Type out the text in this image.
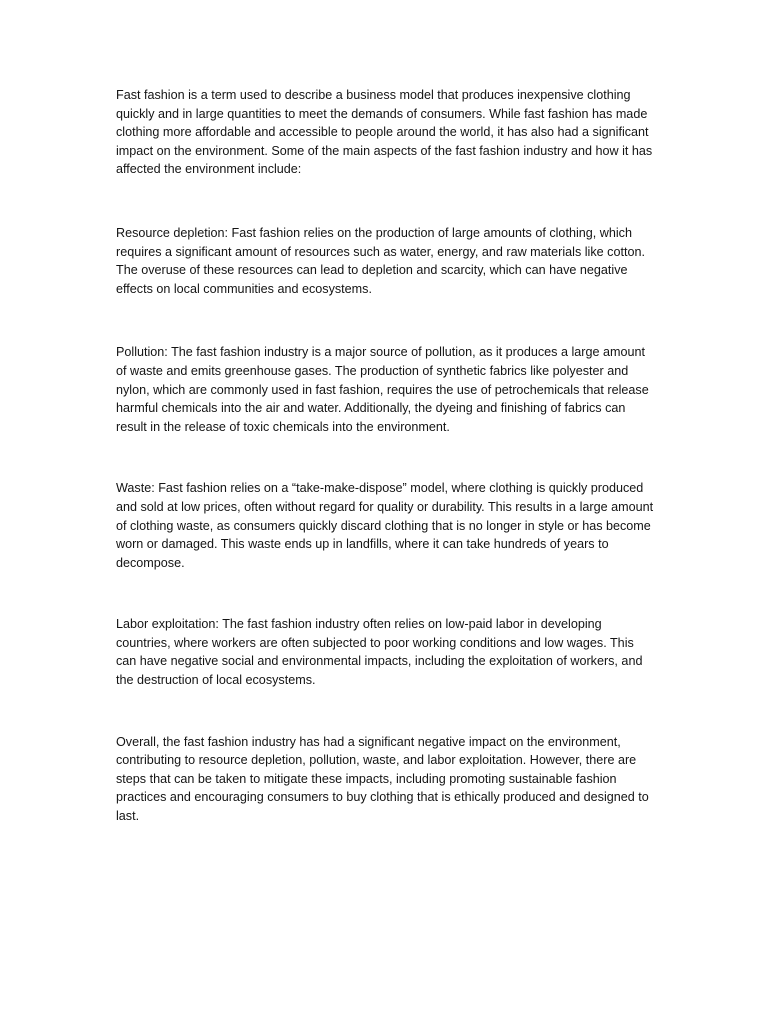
Fast fashion is a term used to describe a business model that produces inexpensive clothing quickly and in large quantities to meet the demands of consumers. While fast fashion has made clothing more affordable and accessible to people around the world, it has also had a significant impact on the environment. Some of the main aspects of the fast fashion industry and how it has affected the environment include:

Resource depletion: Fast fashion relies on the production of large amounts of clothing, which requires a significant amount of resources such as water, energy, and raw materials like cotton. The overuse of these resources can lead to depletion and scarcity, which can have negative effects on local communities and ecosystems.

Pollution: The fast fashion industry is a major source of pollution, as it produces a large amount of waste and emits greenhouse gases. The production of synthetic fabrics like polyester and nylon, which are commonly used in fast fashion, requires the use of petrochemicals that release harmful chemicals into the air and water. Additionally, the dyeing and finishing of fabrics can result in the release of toxic chemicals into the environment.

Waste: Fast fashion relies on a “take-make-dispose” model, where clothing is quickly produced and sold at low prices, often without regard for quality or durability. This results in a large amount of clothing waste, as consumers quickly discard clothing that is no longer in style or has become worn or damaged. This waste ends up in landfills, where it can take hundreds of years to decompose.

Labor exploitation: The fast fashion industry often relies on low-paid labor in developing countries, where workers are often subjected to poor working conditions and low wages. This can have negative social and environmental impacts, including the exploitation of workers, and the destruction of local ecosystems.

Overall, the fast fashion industry has had a significant negative impact on the environment, contributing to resource depletion, pollution, waste, and labor exploitation. However, there are steps that can be taken to mitigate these impacts, including promoting sustainable fashion practices and encouraging consumers to buy clothing that is ethically produced and designed to last.
